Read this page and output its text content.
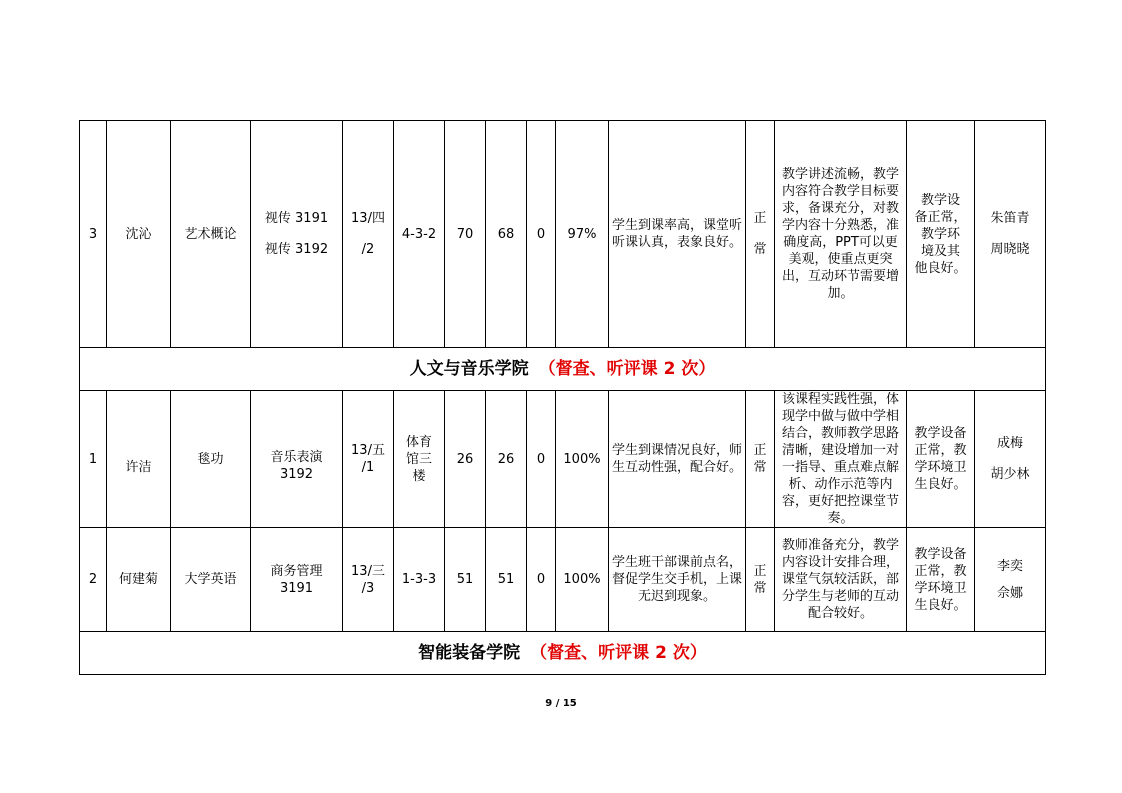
3	沈沁	艺术概论	视传 3191
视传 3192	13/四
/2	4-3-2	70	68	0	97%	学生到课率高，课堂听听课认真，表象良好。	正
常	教学讲述流畅，教学内容符合教学目标要求，备课充分，对教学内容十分熟悉，准确度高，PPT可以更美观，使重点更突出，互动环节需要增加。	教学设
备正常，
教学环
境及其
他良好。	朱笛青
周晓晓

人文与音乐学院 （督查、听评课 2 次）														
1	许洁	毯功	音乐表演
3192	13/五
/1	体育
馆三
楼	26	26	0	100%	学生到课情况良好，师生互动性强，配合好。	正
常	该课程实践性强，体现学中做与做中学相结合，教师教学思路清晰，建设增加一对一指导、重点难点解析、动作示范等内容，更好把控课堂节奏。	教学设备正常，教学环境卫生良好。	成梅
胡少林

2	何建菊	大学英语	商务管理
3191	13/三
/3	1-3-3	51	51	0	100%	学生班干部课前点名，督促学生交手机，上课无迟到现象。	正
常	教师准备充分，教学内容设计安排合理，课堂气氛较活跃，部分学生与老师的互动配合较好。	教学设备正常，教学环境卫生良好。	李奕
佘娜

智能装备学院 （督查、听评课 2 次）														
9 / 15
